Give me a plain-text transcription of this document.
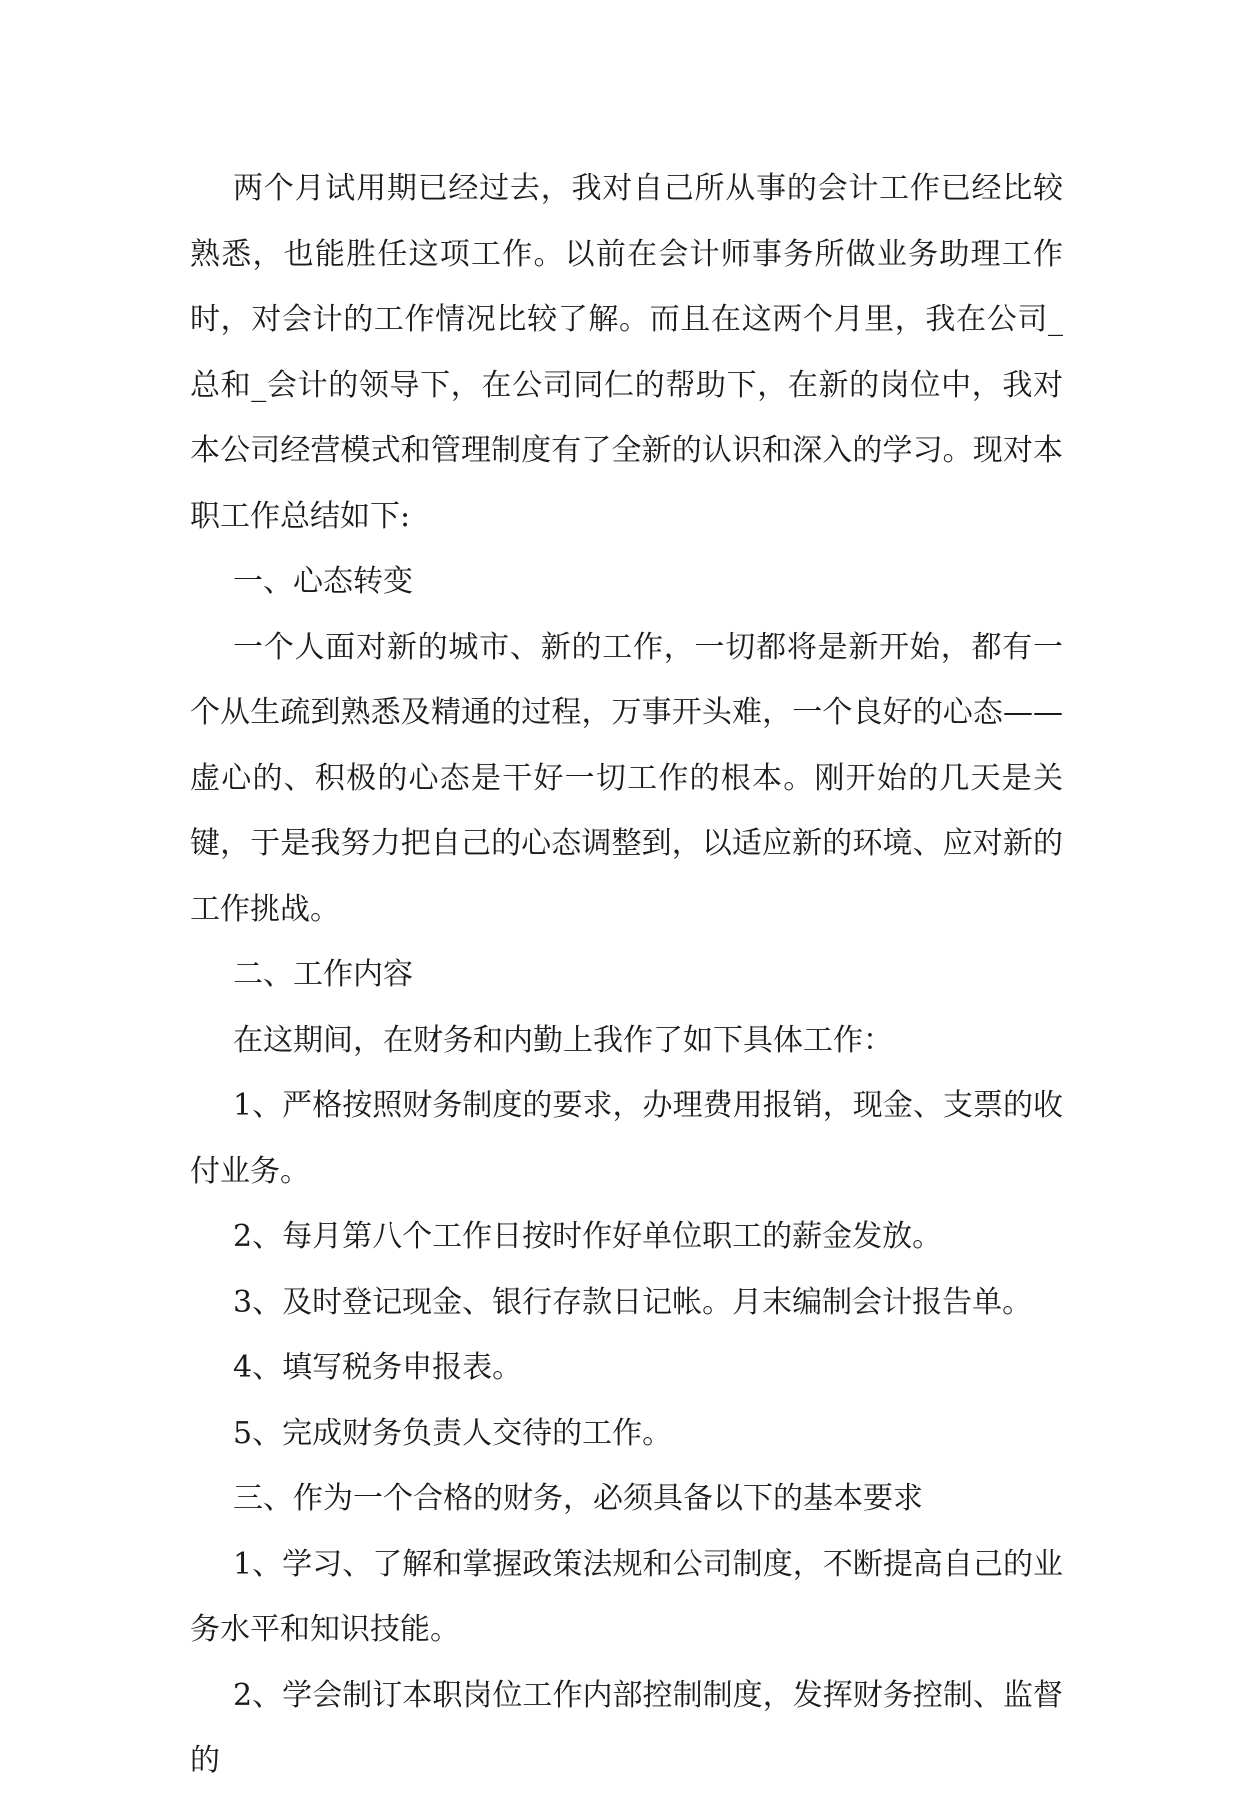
两个月试用期已经过去，我对自己所从事的会计工作已经比较熟悉，也能胜任这项工作。以前在会计师事务所做业务助理工作时，对会计的工作情况比较了解。而且在这两个月里，我在公司_总和_会计的领导下，在公司同仁的帮助下，在新的岗位中，我对本公司经营模式和管理制度有了全新的认识和深入的学习。现对本职工作总结如下:

一、心态转变

一个人面对新的城市、新的工作，一切都将是新开始，都有一个从生疏到熟悉及精通的过程，万事开头难，一个良好的心态——虚心的、积极的心态是干好一切工作的根本。刚开始的几天是关键，于是我努力把自己的心态调整到，以适应新的环境、应对新的工作挑战。

二、工作内容

在这期间，在财务和内勤上我作了如下具体工作：

1、严格按照财务制度的要求，办理费用报销，现金、支票的收付业务。

2、每月第八个工作日按时作好单位职工的薪金发放。

3、及时登记现金、银行存款日记帐。月末编制会计报告单。

4、填写税务申报表。

5、完成财务负责人交待的工作。

三、作为一个合格的财务，必须具备以下的基本要求

1、学习、了解和掌握政策法规和公司制度，不断提高自己的业务水平和知识技能。

2、学会制订本职岗位工作内部控制制度，发挥财务控制、监督的
